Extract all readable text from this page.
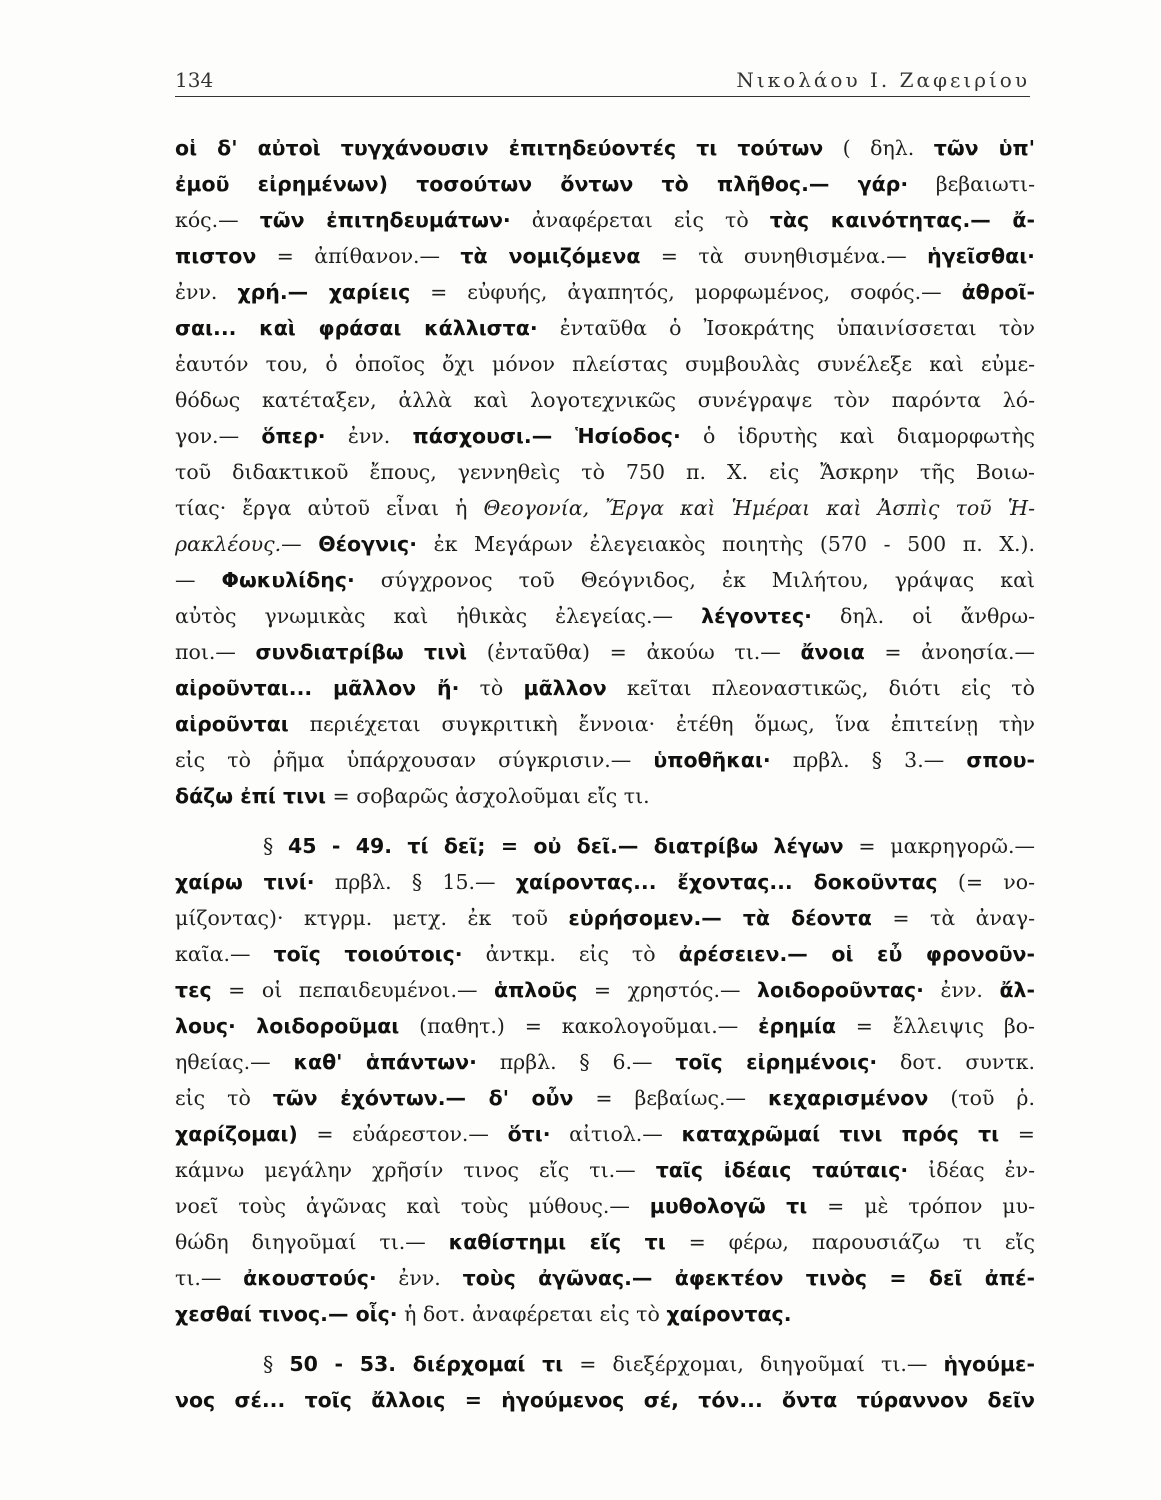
134	Νικολάου Ι. Ζαφειρίου
οἱ δ' αὐτοὶ τυγχάνουσιν ἐπιτηδεύοντές τι τούτων ( δηλ. τῶν ὑπ'
ἐμοῦ εἰρημένων) τοσούτων ὄντων τὸ πλῆθος.— γάρ· βεβαιωτι-
κός.— τῶν ἐπιτηδευμάτων· ἀναφέρεται εἰς τὸ τὰς καινότητας.— ἄ-
πιστον = ἀπίθανον.— τὰ νομιζόμενα = τὰ συνηθισμένα.— ἡγεῖσθαι·
ἐνν. χρή.— χαρίεις = εὐφυής, ἀγαπητός, μορφωμένος, σοφός.— ἀθροῖ-
σαι... καὶ φράσαι κάλλιστα· ἐνταῦθα ὁ Ἰσοκράτης ὑπαινίσσεται τὸν
ἑαυτόν του, ὁ ὁποῖος ὄχι μόνον πλείστας συμβουλὰς συνέλεξε καὶ εὐμε-
θόδως κατέταξεν, ἀλλὰ καὶ λογοτεχνικῶς συνέγραψε τὸν παρόντα λό-
γον.— ὅπερ· ἐνν. πάσχουσι.— Ἡσίοδος· ὁ ἱδρυτὴς καὶ διαμορφωτὴς
τοῦ διδακτικοῦ ἔπους, γεννηθεὶς τὸ 750 π. Χ. εἰς Ἄσκρην τῆς Βοιω-
τίας· ἔργα αὐτοῦ εἶναι ἡ Θεογονία, Ἔργα καὶ Ἡμέραι καὶ Ἀσπὶς τοῦ Ἡ-
ρακλέους.— Θέογνις· ἐκ Μεγάρων ἐλεγειακὸς ποιητὴς (570 - 500 π. Χ.).
— Φωκυλίδης· σύγχρονος τοῦ Θεόγνιδος, ἐκ Μιλήτου, γράψας καὶ
αὐτὸς γνωμικὰς καὶ ἠθικὰς ἐλεγείας.— λέγοντες· δηλ. οἱ ἄνθρω-
ποι.— συνδιατρίβω τινὶ (ἐνταῦθα) = ἀκούω τι.— ἄνοια = ἀνοησία.—
αἱροῦνται... μᾶλλον ἤ· τὸ μᾶλλον κεῖται πλεοναστικῶς, διότι εἰς τὸ
αἱροῦνται περιέχεται συγκριτικὴ ἔννοια· ἐτέθη ὅμως, ἵνα ἐπιτείνῃ τὴν
εἰς τὸ ῥῆμα ὑπάρχουσαν σύγκρισιν.— ὑποθῆκαι· πρβλ. § 3.— σπου-
δάζω ἐπί τινι = σοβαρῶς ἀσχολοῦμαι εἴς τι.
§ 45 - 49. τί δεῖ; = οὐ δεῖ.— διατρίβω λέγων = μακρηγορῶ.—
χαίρω τινί· πρβλ. § 15.— χαίροντας... ἔχοντας... δοκοῦντας (= νο-
μίζοντας)· κτγρμ. μετχ. ἐκ τοῦ εὑρήσομεν.— τὰ δέοντα = τὰ ἀναγ-
καῖα.— τοῖς τοιούτοις· ἀντκμ. εἰς τὸ ἀρέσειεν.— οἱ εὖ φρονοῦν-
τες = οἱ πεπαιδευμένοι.— ἁπλοῦς = χρηστός.— λοιδοροῦντας· ἐνν. ἄλ-
λους· λοιδοροῦμαι (παθητ.) = κακολογοῦμαι.— ἐρημία = ἔλλειψις βο-
ηθείας.— καθ' ἁπάντων· πρβλ. § 6.— τοῖς εἰρημένοις· δοτ. συντκ.
εἰς τὸ τῶν ἐχόντων.— δ' οὖν = βεβαίως.— κεχαρισμένον (τοῦ ῥ.
χαρίζομαι) = εὐάρεστον.— ὅτι· αἰτιολ.— καταχρῶμαί τινι πρός τι =
κάμνω μεγάλην χρῆσίν τινος εἴς τι.— ταῖς ἰδέαις ταύταις· ἰδέας ἐν-
νοεῖ τοὺς ἀγῶνας καὶ τοὺς μύθους.— μυθολογῶ τι = μὲ τρόπον μυ-
θώδη διηγοῦμαί τι.— καθίστημι εἴς τι = φέρω, παρουσιάζω τι εἴς
τι.— ἀκουστούς· ἐνν. τοὺς ἀγῶνας.— ἀφεκτέον τινὸς = δεῖ ἀπέ-
χεσθαί τινος.— οἷς· ἡ δοτ. ἀναφέρεται εἰς τὸ χαίροντας.
§ 50 - 53. διέρχομαί τι = διεξέρχομαι, διηγοῦμαί τι.— ἡγούμε-
νος σέ... τοῖς ἄλλοις = ἡγούμενος σέ, τόν... ὄντα τύραννον δεῖν
